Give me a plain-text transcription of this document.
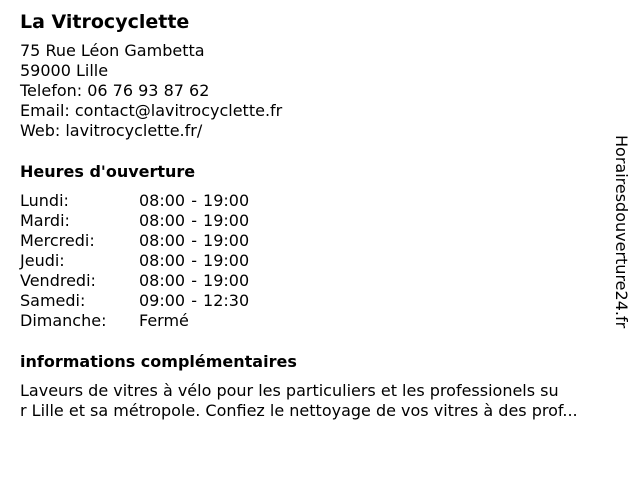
La Vitrocyclette
75 Rue Léon Gambetta
59000 Lille
Telefon: 06 76 93 87 62
Email: contact@lavitrocyclette.fr
Web: lavitrocyclette.fr/
Heures d'ouverture
Lundi:	08:00 - 19:00
Mardi:	08:00 - 19:00
Mercredi:	08:00 - 19:00
Jeudi:	08:00 - 19:00
Vendredi:	08:00 - 19:00
Samedi:	09:00 - 12:30
Dimanche:	Fermé
informations complémentaires
Laveurs de vitres à vélo pour les particuliers et les professionels su
r Lille et sa métropole. Confiez le nettoyage de vos vitres à des prof...
Horairesdouverture24.fr
